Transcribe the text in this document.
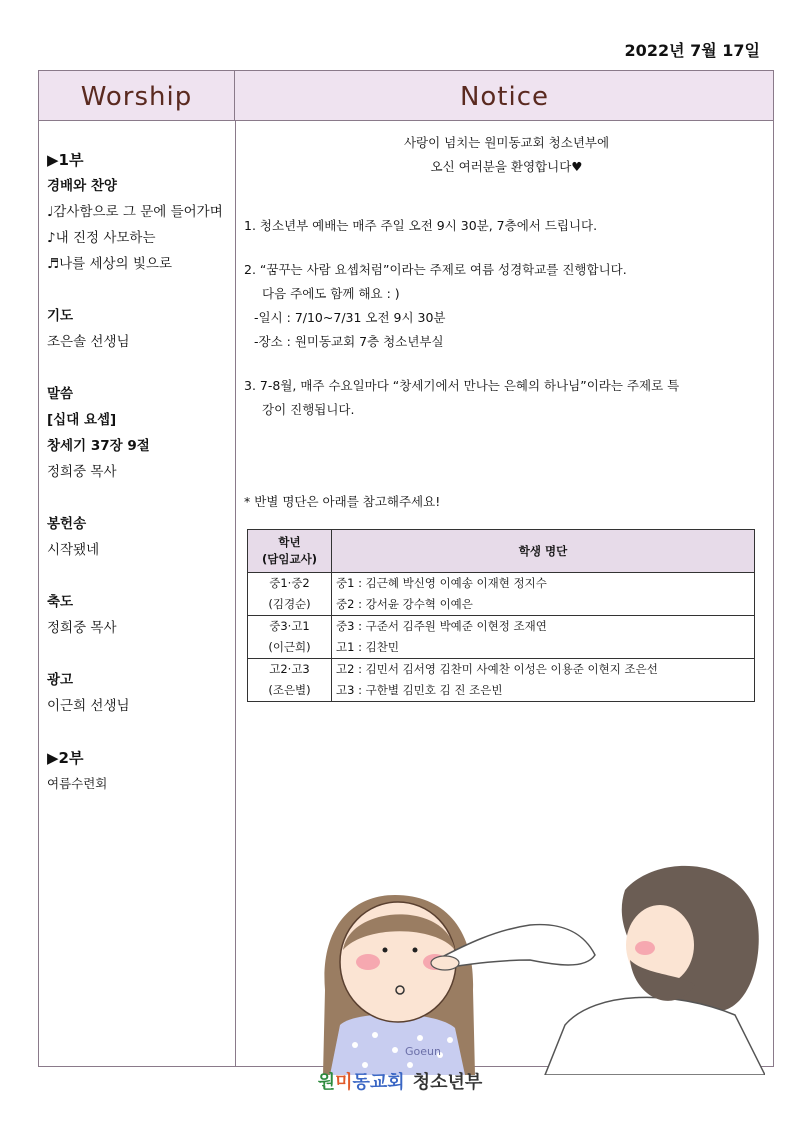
2022년 7월 17일
Worship	Notice
▶1부
경배와 찬양
♩감사함으로 그 문에 들어가며
♪내 진정 사모하는
♬나를 세상의 빛으로
기도
조은솔 선생님
말씀
[십대 요셉]
창세기 37장 9절
정희중 목사
봉헌송
시작됐네
축도
정희중 목사
광고
이근희 선생님
▶2부
여름수련회
사랑이 넘치는 원미동교회 청소년부에
오신 여러분을 환영합니다♥
1. 청소년부 예배는 매주 주일 오전 9시 30분, 7층에서 드립니다.
2. “꿈꾸는 사람 요셉처럼”이라는 주제로 여름 성경학교를 진행합니다.
다음 주에도 함께 해요 : )
-일시 : 7/10~7/31 오전 9시 30분
-장소 : 원미동교회 7층 청소년부실
3. 7-8월, 매주 수요일마다 “창세기에서 만나는 은혜의 하나님”이라는 주제로 특
강이 진행됩니다.
* 반별 명단은 아래를 참고해주세요!
학년
(담임교사)	학생 명단
중1·중2	중1 : 김근혜 박신영 이예송 이재현 정지수
(김경순)	중2 : 강서윤 강수혁 이예은
중3·고1	중3 : 구준서 김주원 박예준 이현정 조재연
(이근희)	고1 : 김찬민
고2·고3	고2 : 김민서 김서영 김찬미 사예찬 이성은 이용준 이현지 조은선
(조은별)	고3 : 구한별 김민호 김 진 조은빈
Goeun
원미동교회 청소년부
